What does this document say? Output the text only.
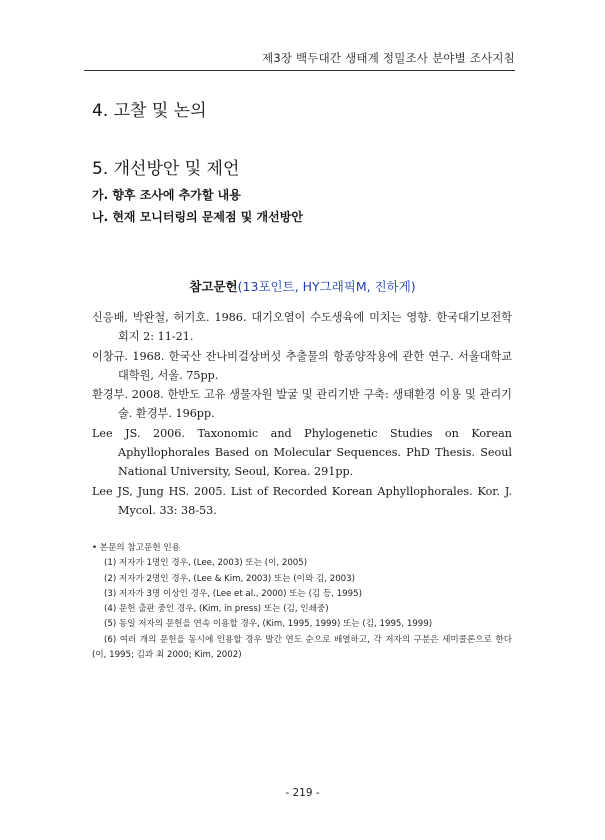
제3장 백두대간 생태계 정밀조사 분야별 조사지침
4. 고찰 및 논의
5. 개선방안 및 제언
가. 향후 조사에 추가할 내용
나. 현재 모니터링의 문제점 및 개선방안
참고문헌(13포인트, HY그래픽M, 진하게)

신응배, 박완철, 허기호. 1986. 대기오염이 수도생육에 미치는 영향. 한국대기보전학회지 2: 11-21.

이창규. 1968. 한국산 잔나비걸상버섯 추출물의 항종양작용에 관한 연구. 서울대학교 대학원, 서울. 75pp.

환경부. 2008. 한반도 고유 생물자원 발굴 및 관리기반 구축: 생태환경 이용 및 관리기술. 환경부. 196pp.

Lee JS. 2006. Taxonomic and Phylogenetic Studies on Korean Aphyllophorales Based on Molecular Sequences. PhD Thesis. Seoul National University, Seoul, Korea. 291pp.

Lee JS, Jung HS. 2005. List of Recorded Korean Aphyllophorales. Kor. J. Mycol. 33: 38-53.

• 본문의 참고문헌 인용

(1) 저자가 1명인 경우, (Lee, 2003) 또는 (이, 2005)

(2) 저자가 2명인 경우, (Lee & Kim, 2003) 또는 (이와 김, 2003)

(3) 저자가 3명 이상인 경우, (Lee et al., 2000) 또는 (김 등, 1995)

(4) 문헌 출판 중인 경우, (Kim, in press) 또는 (김, 인쇄중)

(5) 동일 저자의 문헌을 연속 이용할 경우, (Kim, 1995, 1999) 또는 (김, 1995, 1999)

(6) 여러 개의 문헌을 동시에 인용할 경우 발간 연도 순으로 배열하고, 각 저자의 구분은 세미콜론으로 한다(이, 1995; 김과 최 2000; Kim, 2002)

- 219 -
